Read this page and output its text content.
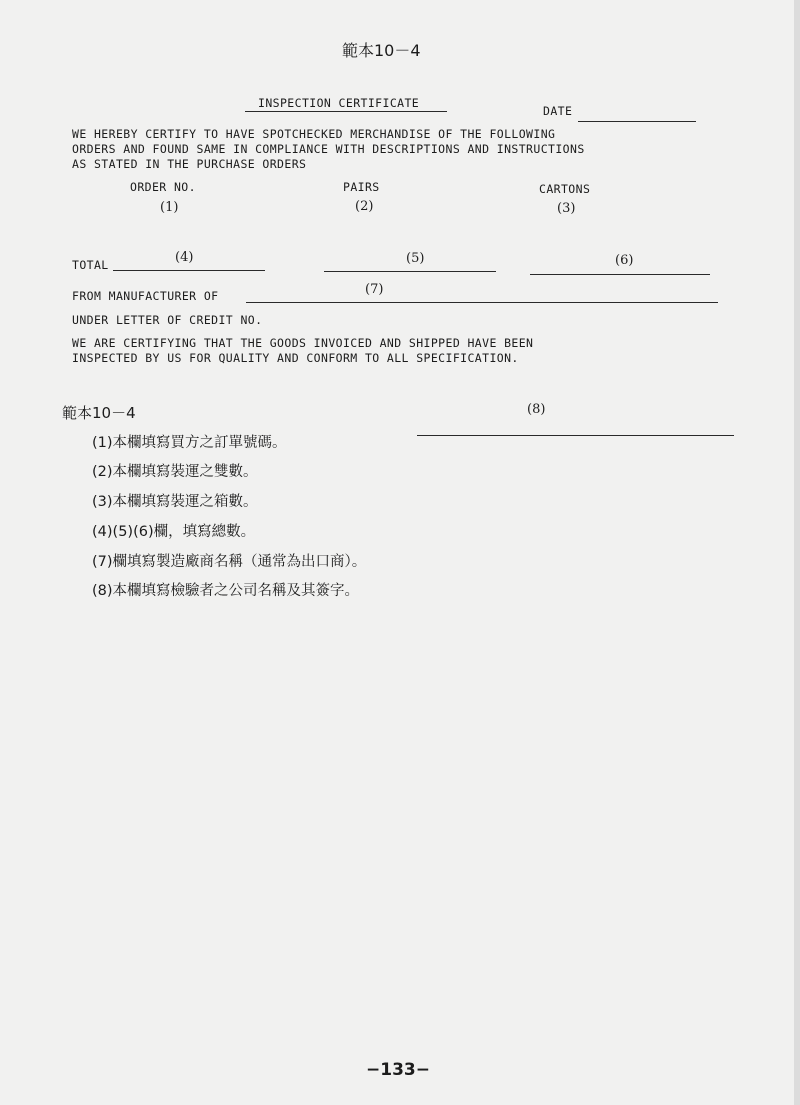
範本10－4
INSPECTION CERTIFICATE
DATE
WE HEREBY CERTIFY TO HAVE SPOTCHECKED MERCHANDISE OF THE FOLLOWING
ORDERS AND FOUND SAME IN COMPLIANCE WITH DESCRIPTIONS AND INSTRUCTIONS
AS STATED IN THE PURCHASE ORDERS
ORDER NO.	PAIRS	CARTONS
(1)	(2)	(3)
TOTAL	(4)	(5)	(6)
FROM MANUFACTURER OF	(7)
UNDER LETTER OF CREDIT NO.
WE ARE CERTIFYING THAT THE GOODS INVOICED AND SHIPPED HAVE BEEN
INSPECTED BY US FOR QUALITY AND CONFORM TO ALL SPECIFICATION.
(8)
範本10－4
(1)本欄填寫買方之訂單號碼。
(2)本欄填寫裝運之雙數。
(3)本欄填寫裝運之箱數。
(4)(5)(6)欄，填寫總數。
(7)欄填寫製造廠商名稱（通常為出口商）。
(8)本欄填寫檢驗者之公司名稱及其簽字。
−133−
